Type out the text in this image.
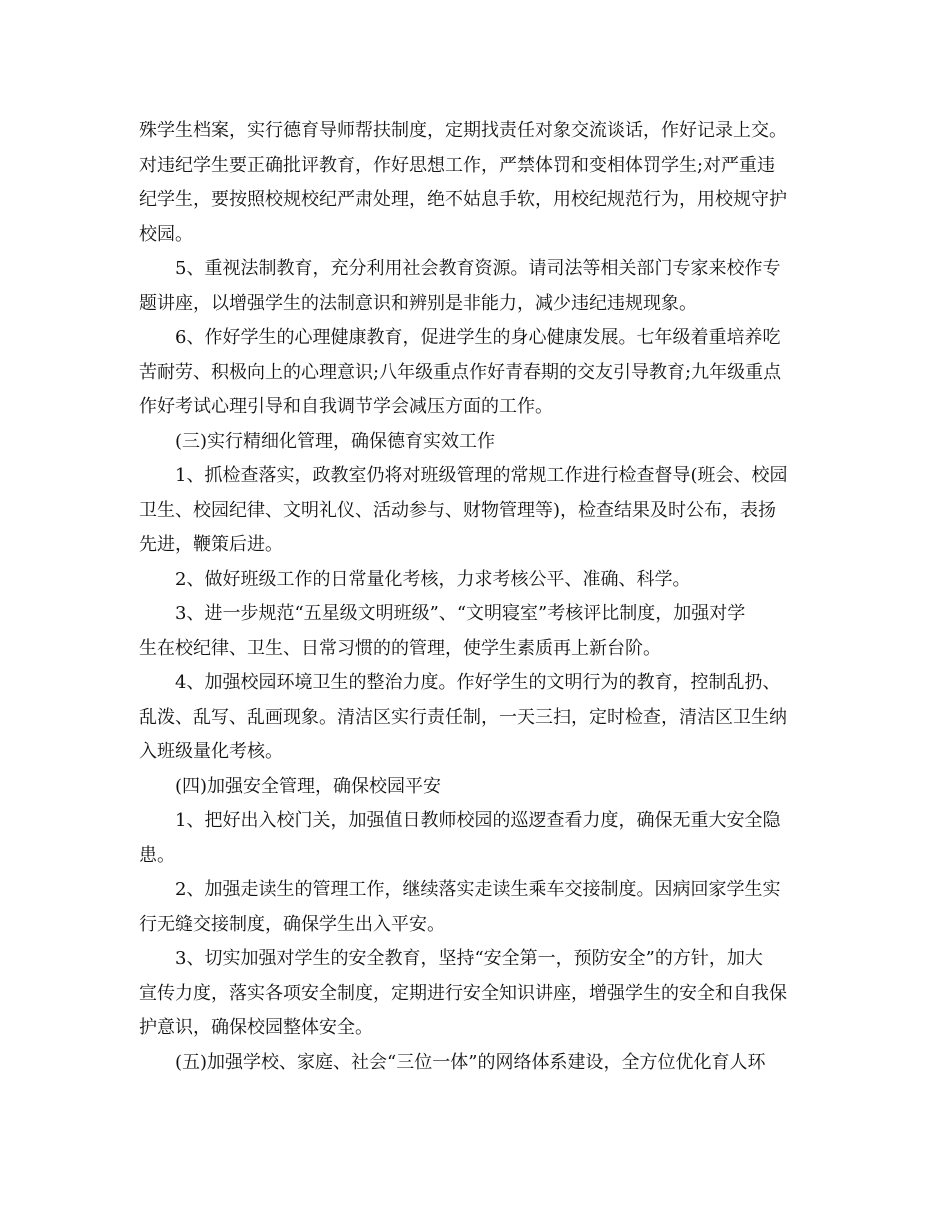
殊学生档案，实行德育导师帮扶制度，定期找责任对象交流谈话，作好记录上交。
对违纪学生要正确批评教育，作好思想工作，严禁体罚和变相体罚学生;对严重违
纪学生，要按照校规校纪严肃处理，绝不姑息手软，用校纪规范行为，用校规守护
校园。

5、重视法制教育，充分利用社会教育资源。请司法等相关部门专家来校作专
题讲座，以增强学生的法制意识和辨别是非能力，减少违纪违规现象。

6、作好学生的心理健康教育，促进学生的身心健康发展。七年级着重培养吃
苦耐劳、积极向上的心理意识;八年级重点作好青春期的交友引导教育;九年级重点
作好考试心理引导和自我调节学会减压方面的工作。

(三)实行精细化管理，确保德育实效工作

1、抓检查落实，政教室仍将对班级管理的常规工作进行检查督导(班会、校园
卫生、校园纪律、文明礼仪、活动参与、财物管理等)，检查结果及时公布，表扬
先进，鞭策后进。

2、做好班级工作的日常量化考核，力求考核公平、准确、科学。

3、进一步规范“五星级文明班级”、“文明寝室”考核评比制度，加强对学
生在校纪律、卫生、日常习惯的的管理，使学生素质再上新台阶。

4、加强校园环境卫生的整治力度。作好学生的文明行为的教育，控制乱扔、
乱泼、乱写、乱画现象。清洁区实行责任制，一天三扫，定时检查，清洁区卫生纳
入班级量化考核。

(四)加强安全管理，确保校园平安

1、把好出入校门关，加强值日教师校园的巡逻查看力度，确保无重大安全隐
患。

2、加强走读生的管理工作，继续落实走读生乘车交接制度。因病回家学生实
行无缝交接制度，确保学生出入平安。

3、切实加强对学生的安全教育，坚持“安全第一，预防安全”的方针，加大
宣传力度，落实各项安全制度，定期进行安全知识讲座，增强学生的安全和自我保
护意识，确保校园整体安全。

(五)加强学校、家庭、社会“三位一体”的网络体系建设，全方位优化育人环
